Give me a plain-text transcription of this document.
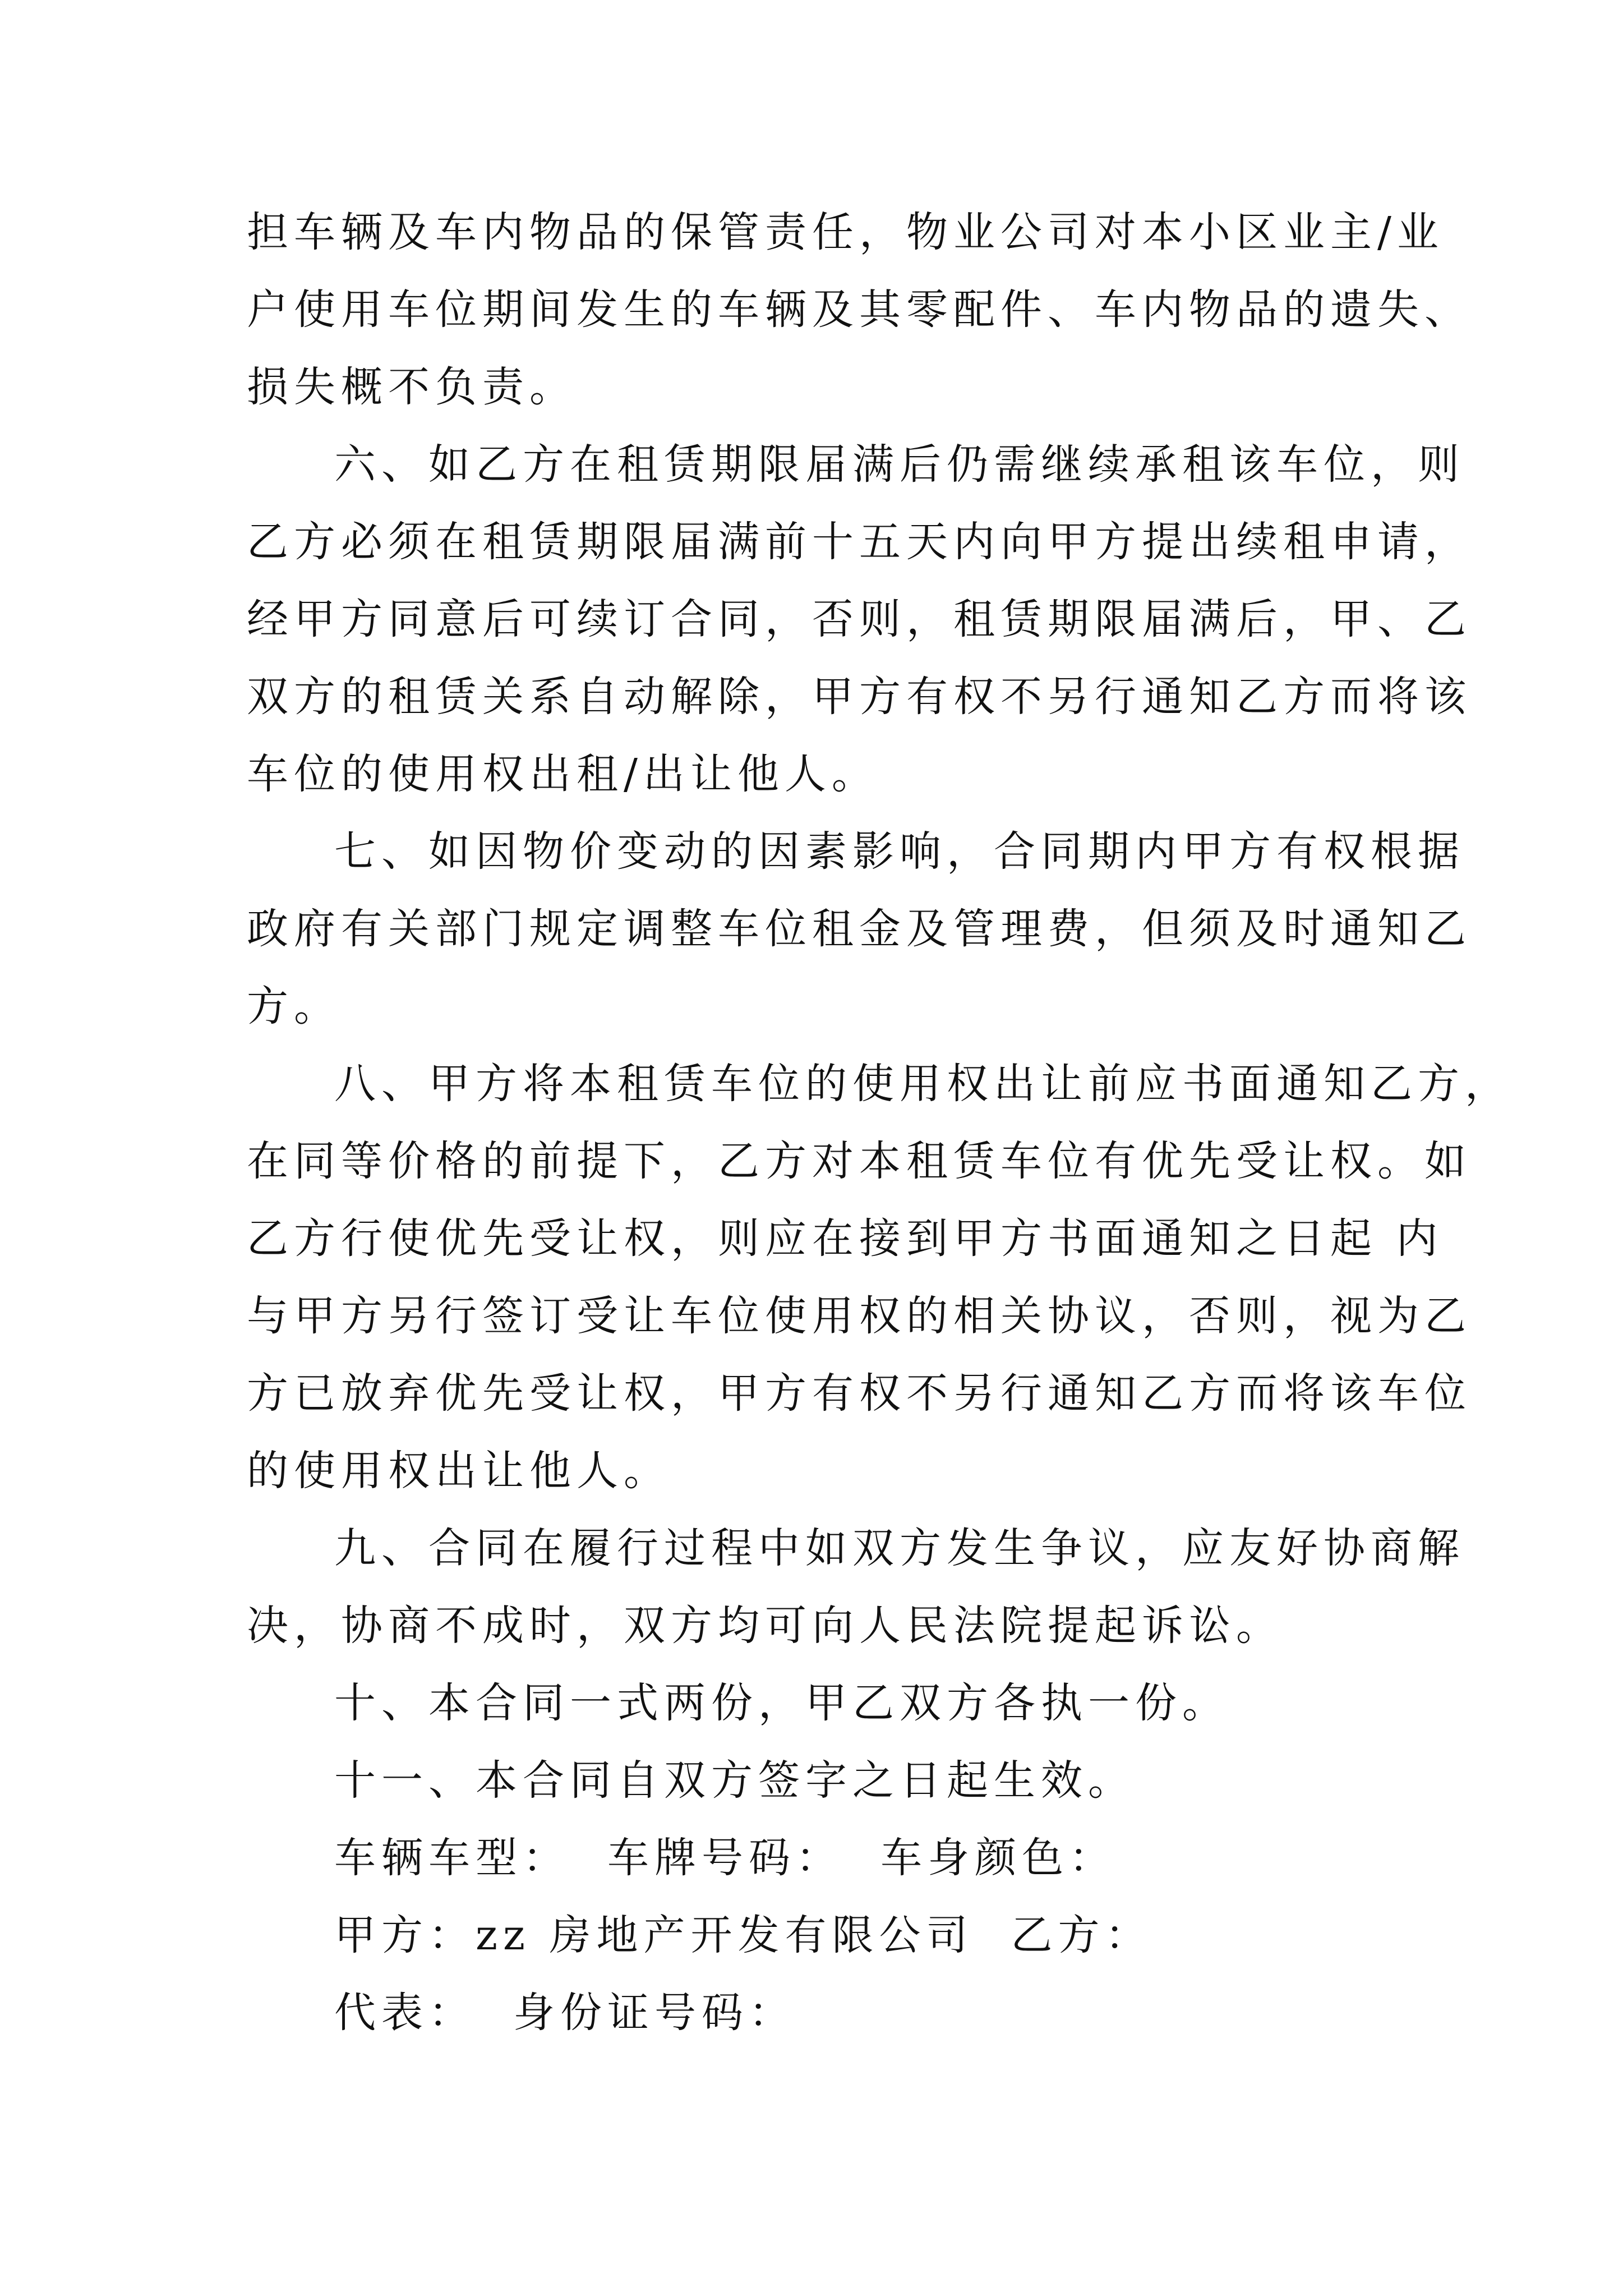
担车辆及车内物品的保管责任，物业公司对本小区业主/业
户使用车位期间发生的车辆及其零配件、车内物品的遗失、
损失概不负责。

六、如乙方在租赁期限届满后仍需继续承租该车位，则
乙方必须在租赁期限届满前十五天内向甲方提出续租申请，
经甲方同意后可续订合同，否则，租赁期限届满后，甲、乙
双方的租赁关系自动解除，甲方有权不另行通知乙方而将该
车位的使用权出租/出让他人。

七、如因物价变动的因素影响，合同期内甲方有权根据
政府有关部门规定调整车位租金及管理费，但须及时通知乙
方。

八、甲方将本租赁车位的使用权出让前应书面通知乙方，
在同等价格的前提下，乙方对本租赁车位有优先受让权。如
乙方行使优先受让权，则应在接到甲方书面通知之日起 内
与甲方另行签订受让车位使用权的相关协议，否则，视为乙
方已放弃优先受让权，甲方有权不另行通知乙方而将该车位
的使用权出让他人。

九、合同在履行过程中如双方发生争议，应友好协商解
决，协商不成时，双方均可向人民法院提起诉讼。

十、本合同一式两份，甲乙双方各执一份。

十一、本合同自双方签字之日起生效。

车辆车型：  车牌号码：  车身颜色：

甲方：zz 房地产开发有限公司  乙方：

代表：  身份证号码：
